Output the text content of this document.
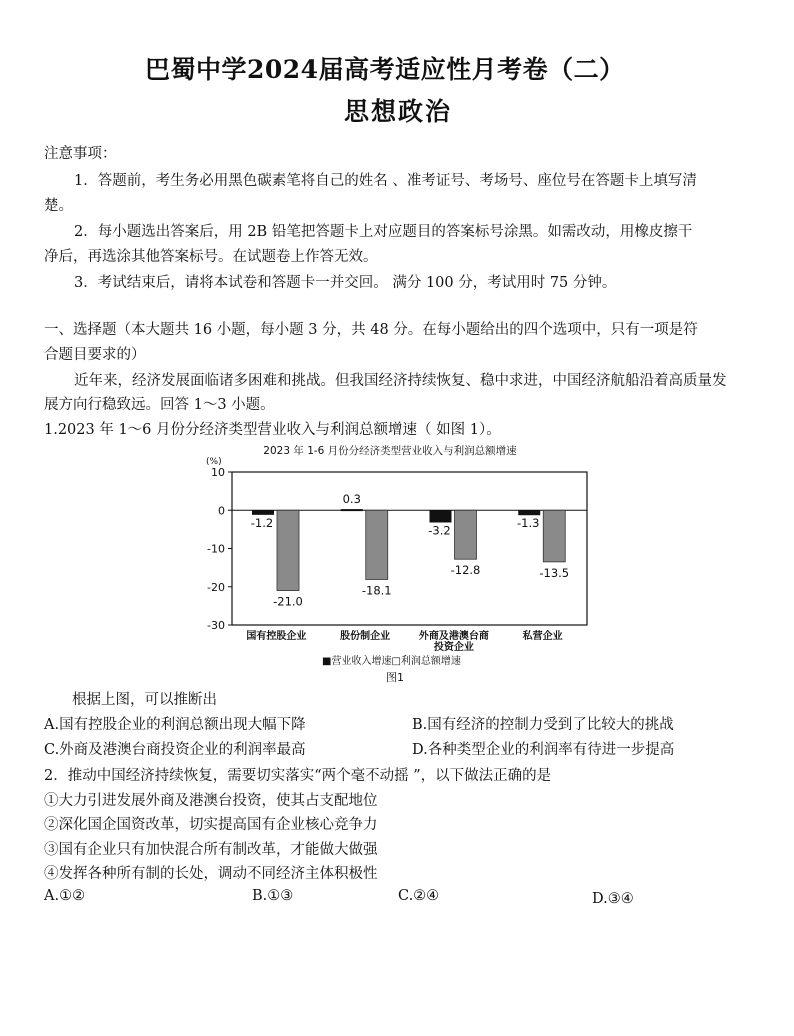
巴蜀中学2024届高考适应性月考卷（二）
思想政治
注意事项：
1．答题前，考生务必用黑色碳素笔将自己的姓名 、准考证号、考场号、座位号在答题卡上填写清
楚。
2．每小题选出答案后，用 2B 铅笔把答题卡上对应题目的答案标号涂黑。如需改动，用橡皮擦干
净后，再选涂其他答案标号。在试题卷上作答无效。
3．考试结束后，请将本试卷和答题卡一并交回。 满分 100 分，考试用时 75 分钟。
一、选择题（本大题共 16 小题，每小题 3 分，共 48 分。在每小题给出的四个选项中，只有一项是符
合题目要求的）
近年来，经济发展面临诸多困难和挑战。但我国经济持续恢复、稳中求进，中国经济航船沿着高质量发
展方向行稳致远。回答 1～3 小题。
1.2023 年 1～6 月份分经济类型营业收入与利润总额增速（ 如图 1）。
2023 年 1-6 月份分经济类型营业收入与利润总额增速
(%)
10
0
-10
-20
-30
-1.2
-21.0
国有控股企业
0.3
-18.1
股份制企业
-3.2
-12.8
外商及港澳台商
投资企业
-1.3
-13.5
私营企业
■营业收入增速□利润总额增速
图1
根据上图，可以推断出
A.国有控股企业的利润总额出现大幅下降	B.国有经济的控制力受到了比较大的挑战
C.外商及港澳台商投资企业的利润率最高	D.各种类型企业的利润率有待进一步提高
2．推动中国经济持续恢复，需要切实落实“两个毫不动摇 ”，以下做法正确的是
①大力引进发展外商及港澳台投资，使其占支配地位
②深化国企国资改革，切实提高国有企业核心竞争力
③国有企业只有加快混合所有制改革，才能做大做强
④发挥各种所有制的长处，调动不同经济主体积极性
A.①②	B.①③	C.②④	D.③④
